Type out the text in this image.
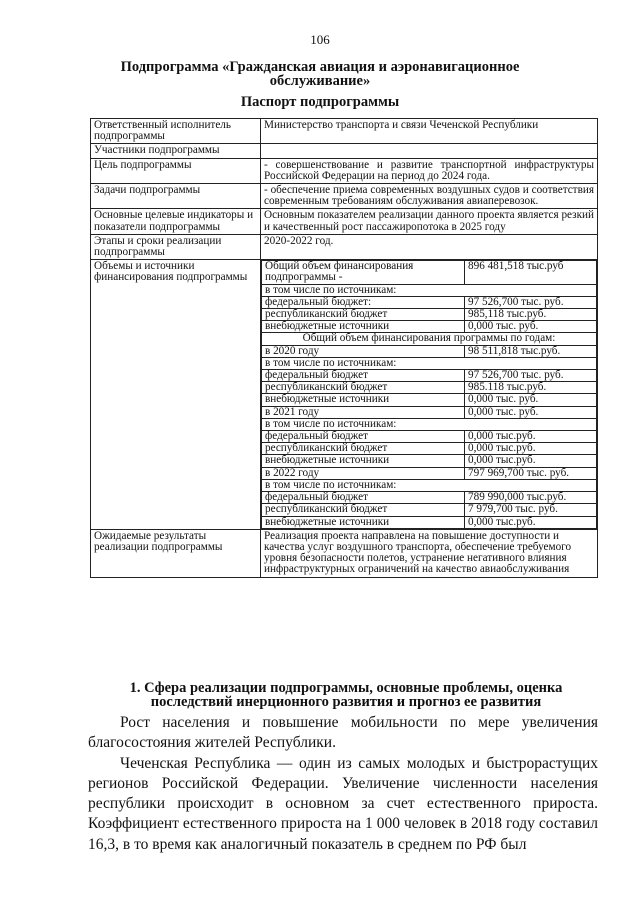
106
Подпрограмма «Гражданская авиация и аэронавигационное обслуживание»
Паспорт подпрограммы
Ответственный исполнитель подпрограммы	Министерство транспорта и связи Чеченской Республики
Участники подпрограммы	
Цель подпрограммы	- совершенствование и развитие транспортной инфраструктуры Российской Федерации на период до 2024 года.
Задачи подпрограммы	- обеспечение приема современных воздушных судов и соответствия современным требованиям обслуживания авиаперевозок.
Основные целевые индикаторы и показатели подпрограммы	Основным показателем реализации данного проекта является резкий и качественный рост пассажиропотока в 2025 году
Этапы и сроки реализации подпрограммы	2020-2022 год.
Объемы и источники финансирования подпрограммы	
Общий объем финансирования подпрограммы -	896 481,518 тыс.руб
в том числе по источникам:
федеральный бюджет:	97 526,700 тыс. руб.
республиканский бюджет	985,118 тыс.руб.
внебюджетные источники	0,000 тыс. руб.
Общий объем финансирования программы по годам:
в 2020 году	98 511,818 тыс.руб.
в том числе по источникам:
федеральный бюджет	97 526,700 тыс. руб.
республиканский бюджет	985.118 тыс.руб.
внебюджетные источники	0,000 тыс. руб.
в 2021 году	0,000 тыс. руб.
в том числе по источникам:
федеральный бюджет	0,000 тыс.руб.
республиканский бюджет	0,000 тыс.руб.
внебюджетные источники	0,000 тыс.руб.
в 2022 году	797 969,700 тыс. руб.
в том числе по источникам:
федеральный бюджет	789 990,000 тыс.руб.
республиканский бюджет	7 979,700 тыс. руб.
внебюджетные источники	0,000 тыс.руб.

Ожидаемые результаты реализации подпрограммы	Реализация проекта направлена на повышение доступности и качества услуг воздушного транспорта, обеспечение требуемого уровня безопасности полетов, устранение негативного влияния инфраструктурных ограничений на качество авиаобслуживания
1. Сфера реализации подпрограммы, основные проблемы, оценка последствий инерционного развития и прогноз ее развития

Рост населения и повышение мобильности по мере увеличения благосостояния жителей Республики.

Чеченская Республика — один из самых молодых и быстрорастущих регионов Российской Федерации. Увеличение численности населения республики происходит в основном за счет естественного прироста. Коэффициент естественного прироста на 1 000 человек в 2018 году составил 16,3, в то время как аналогичный показатель в среднем по РФ был
